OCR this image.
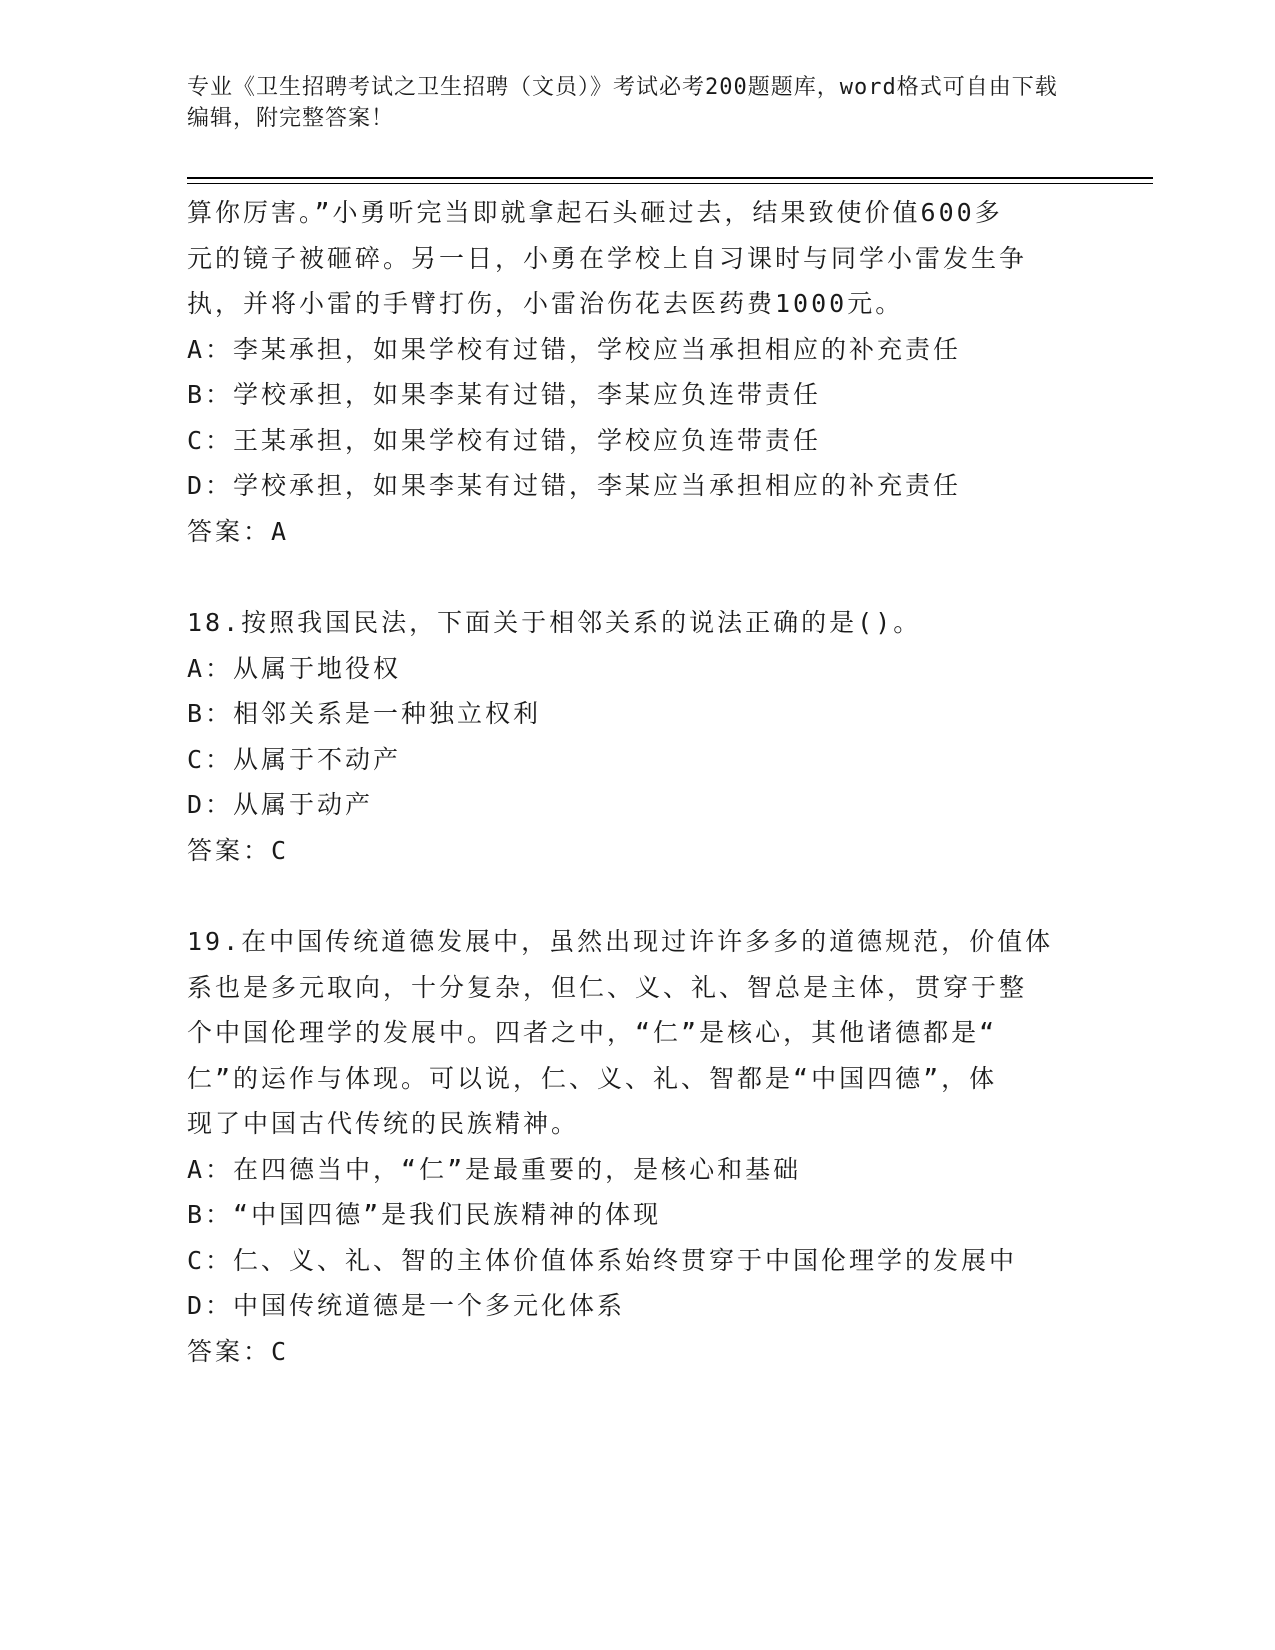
专业《卫生招聘考试之卫生招聘（文员）》考试必考200题题库，word格式可自由下载编辑，附完整答案！
算你厉害。”小勇听完当即就拿起石头砸过去，结果致使价值600多
元的镜子被砸碎。另一日，小勇在学校上自习课时与同学小雷发生争
执，并将小雷的手臂打伤，小雷治伤花去医药费1000元。
A：李某承担，如果学校有过错，学校应当承担相应的补充责任
B：学校承担，如果李某有过错，李某应负连带责任
C：王某承担，如果学校有过错，学校应负连带责任
D：学校承担，如果李某有过错，李某应当承担相应的补充责任
答案：A
18.按照我国民法，下面关于相邻关系的说法正确的是()。
A：从属于地役权
B：相邻关系是一种独立权利
C：从属于不动产
D：从属于动产
答案：C
19.在中国传统道德发展中，虽然出现过许许多多的道德规范，价值体
系也是多元取向，十分复杂，但仁、义、礼、智总是主体，贯穿于整
个中国伦理学的发展中。四者之中，“仁”是核心，其他诸德都是“
仁”的运作与体现。可以说，仁、义、礼、智都是“中国四德”，体
现了中国古代传统的民族精神。
A：在四德当中，“仁”是最重要的，是核心和基础
B：“中国四德”是我们民族精神的体现
C：仁、义、礼、智的主体价值体系始终贯穿于中国伦理学的发展中
D：中国传统道德是一个多元化体系
答案：C
